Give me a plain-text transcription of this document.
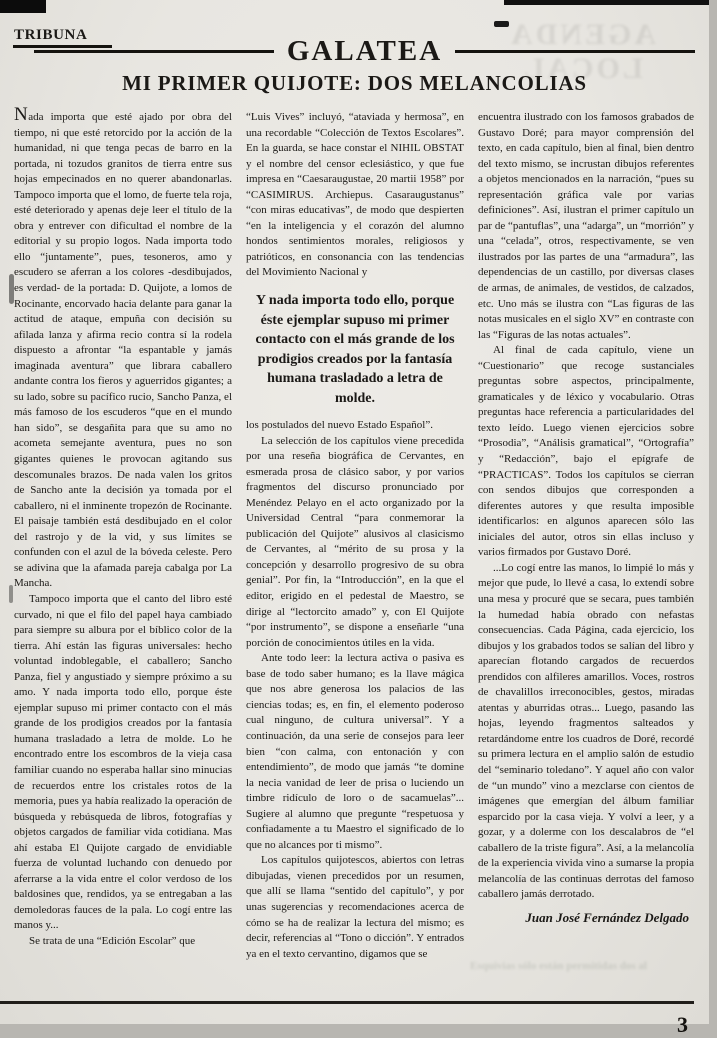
AGENDA LOCAL
Esquivias sólo están permitidas dos al
TRIBUNA	GALATEA
MI PRIMER QUIJOTE: DOS MELANCOLIAS

Nada importa que esté ajado por obra del tiempo, ni que esté retorcido por la acción de la humanidad, ni que tenga pecas de barro en la portada, ni tozudos granitos de tierra entre sus hojas empecinados en no querer abandonarlas. Tampoco importa que el lomo, de fuerte tela roja, esté deteriorado y apenas deje leer el título de la obra y entrever con dificultad el nombre de la editorial y su propio logos. Nada importa todo ello “juntamente”, pues, tesoneros, amo y escudero se aferran a los colores -desdibujados, es verdad- de la portada: D. Quijote, a lomos de Rocinante, encorvado hacia delante para ganar la actitud de ataque, empuña con decisión su afilada lanza y afirma recio contra sí la rodela dispuesto a afrontar “la espantable y jamás imaginada aventura” que librara caballero andante contra los fieros y aguerridos gigantes; a su lado, sobre su pacífico rucio, Sancho Panza, el más famoso de los escuderos “que en el mundo han sido”, se desgañita para que su amo no acometa semejante aventura, pues no son gigantes quienes le provocan agitando sus descomunales brazos. De nada valen los gritos de Sancho ante la decisión ya tomada por el caballero, ni el inminente tropezón de Rocinante. El paisaje también está desdibujado en el color del rastrojo y de la vid, y sus límites se confunden con el azul de la bóveda celeste. Pero se adivina que la afamada pareja cabalga por La Mancha.

Tampoco importa que el canto del libro esté curvado, ni que el filo del papel haya cambiado para siempre su albura por el bíblico color de la tierra. Ahí están las figuras universales: hecho voluntad indoblegable, el caballero; Sancho Panza, fiel y angustiado y siempre próximo a su amo. Y nada importa todo ello, porque éste ejemplar supuso mi primer contacto con el más grande de los prodigios creados por la fantasía humana trasladado a letra de molde. Lo he encontrado entre los escombros de la vieja casa familiar cuando no esperaba hallar sino minucias de recuerdos entre los cristales rotos de la memoria, pues ya había realizado la operación de búsqueda y rebúsqueda de libros, fotografías y objetos cargados de familiar vida cotidiana. Mas ahí estaba El Quijote cargado de envidiable fuerza de voluntad luchando con denuedo por aferrarse a la vida entre el color verdoso de los baldosines que, rendidos, ya se entregaban a las demoledoras fauces de la pala. Lo cogí entre las manos y...

Se trata de una “Edición Escolar” que

“Luis Vives” incluyó, “ataviada y hermosa”, en una recordable “Colección de Textos Escolares”. En la guarda, se hace constar el NIHIL OBSTAT y el nombre del censor eclesiástico, y que fue impresa en “Caesaraugustae, 20 martii 1958” por “CASIMIRUS. Archiepus. Casaraugustanus” “con miras educativas”, de modo que despierten “en la inteligencia y el corazón del alumno hondos sentimientos morales, religiosos y patrióticos, en consonancia con las tendencias del Movimiento Nacional y

Y nada importa todo ello, porque éste ejemplar supuso mi primer contacto con el más grande de los prodigios creados por la fantasía humana trasladado a letra de molde.

los postulados del nuevo Estado Español”.

La selección de los capítulos viene precedida por una reseña biográfica de Cervantes, en esmerada prosa de clásico sabor, y por varios fragmentos del discurso pronunciado por Menéndez Pelayo en el acto organizado por la Universidad Central “para conmemorar la publicación del Quijote” alusivos al clasicismo de Cervantes, al “mérito de su prosa y la concepción y desarrollo progresivo de su obra genial”. Por fin, la “Introducción”, en la que el editor, erigido en el pedestal de Maestro, se dirige al “lectorcito amado” y, con El Quijote “por instrumento”, se dispone a enseñarle “una porción de conocimientos útiles en la vida.

Ante todo leer: la lectura activa o pasiva es base de todo saber humano; es la llave mágica que nos abre generosa los palacios de las ciencias todas; es, en fin, el elemento poderoso cual ninguno, de cultura universal”. Y a continuación, da una serie de consejos para leer bien “con calma, con entonación y con entendimiento”, de modo que jamás “te domine la necia vanidad de leer de prisa o luciendo un timbre ridículo de loro o de sacamuelas”... Sugiere al alumno que pregunte “respetuosa y confiadamente a tu Maestro el significado de lo que no alcances por ti mismo”.

Los capítulos quijotescos, abiertos con letras dibujadas, vienen precedidos por un resumen, que allí se llama “sentido del capítulo”, y por unas sugerencias y recomendaciones acerca de cómo se ha de realizar la lectura del mismo; es decir, referencias al “Tono o dicción”. Y entrados ya en el texto cervantino, digamos que se

encuentra ilustrado con los famosos grabados de Gustavo Doré; para mayor comprensión del texto, en cada capítulo, bien al final, bien dentro del texto mismo, se incrustan dibujos referentes a objetos mencionados en la narración, “pues su representación gráfica vale por varias definiciones”. Así, ilustran el primer capítulo un par de “pantuflas”, una “adarga”, un “morrión” y una “celada”, otros, respectivamente, se ven ilustrados por las partes de una “armadura”, las dependencias de un castillo, por diversas clases de armas, de animales, de vestidos, de calzados, etc. Uno más se ilustra con “Las figuras de las notas musicales en el siglo XV” en contraste con las “Figuras de las notas actuales”.

Al final de cada capítulo, viene un “Cuestionario” que recoge sustanciales preguntas sobre aspectos, principalmente, gramaticales y de léxico y vocabulario. Otras preguntas hace referencia a particularidades del texto leído. Luego vienen ejercicios sobre “Prosodia”, “Análisis gramatical”, “Ortografía” y “Redacción”, bajo el epígrafe de “PRACTICAS”. Todos los capítulos se cierran con sendos dibujos que corresponden a diferentes autores y que resulta imposible identificarlos: en algunos aparecen sólo las iniciales del autor, otros sin ellas incluso y varios firmados por Gustavo Doré.

...Lo cogí entre las manos, lo limpié lo más y mejor que pude, lo llevé a casa, lo extendí sobre una mesa y procuré que se secara, pues también la humedad había obrado con nefastas consecuencias. Cada Página, cada ejercicio, los dibujos y los grabados todos se salían del libro y aparecían flotando cargados de recuerdos prendidos con alfileres amarillos. Voces, rostros de chavalillos irreconocibles, gestos, miradas atentas y aburridas otras... Luego, pasando las hojas, leyendo fragmentos salteados y retardándome entre los cuadros de Doré, recordé su primera lectura en el amplio salón de estudio del “seminario toledano”. Y aquel año con valor de “un mundo” vino a mezclarse con cientos de imágenes que emergían del álbum familiar esparcido por la casa vieja. Y volví a leer, y a gozar, y a dolerme con los descalabros de “el caballero de la triste figura”. Así, a la melancolía de la experiencia vivida vino a sumarse la propia melancolía de las continuas derrotas del famoso caballero jamás derrotado.

Juan José Fernández Delgado

3
